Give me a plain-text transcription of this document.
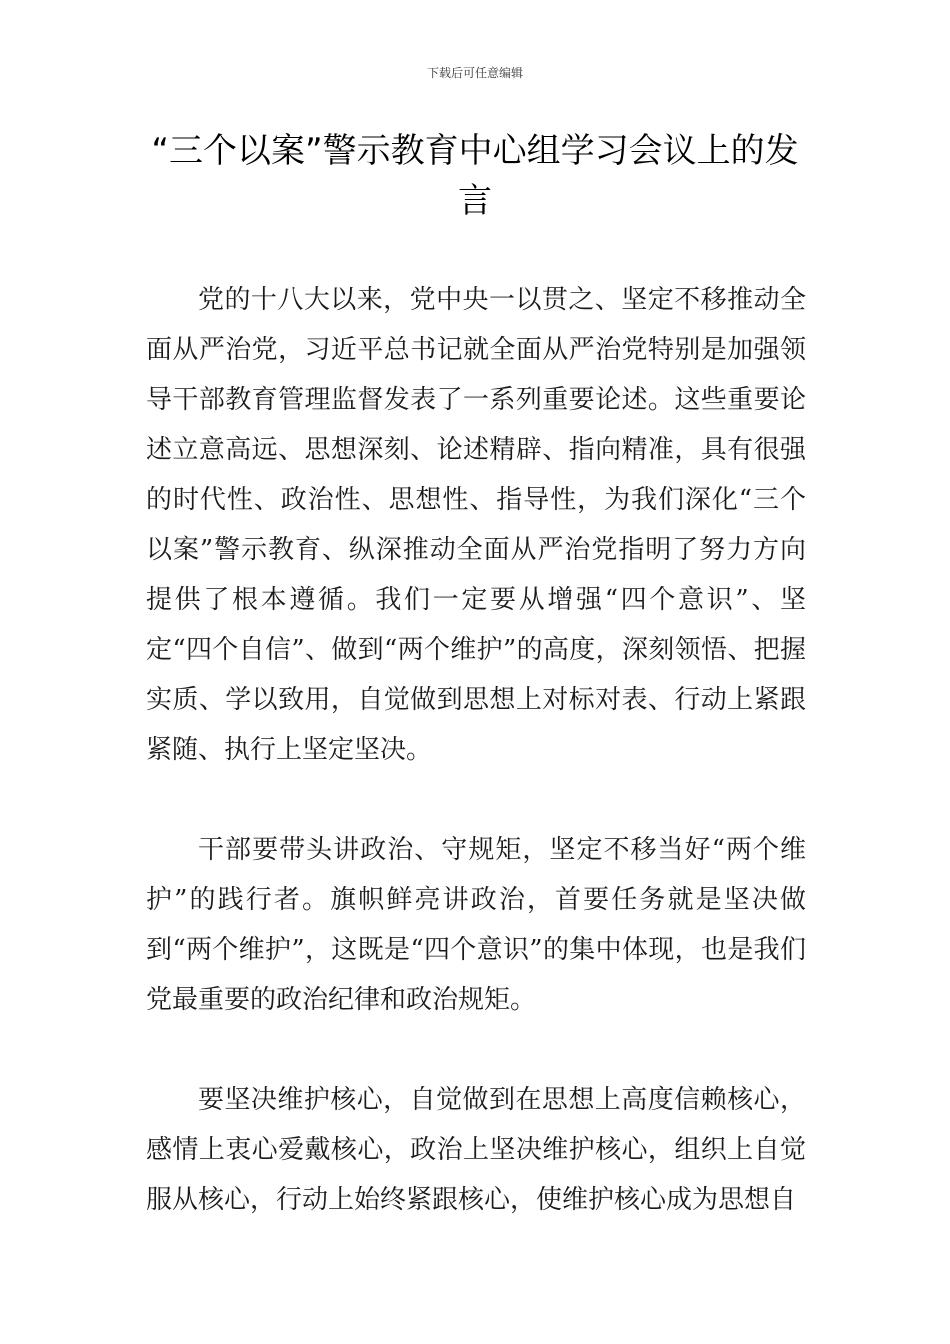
下载后可任意编辑
“三个以案”警示教育中心组学习会议上的发言

党的十八大以来，党中央一以贯之、坚定不移推动全面从严治党，习近平总书记就全面从严治党特别是加强领导干部教育管理监督发表了一系列重要论述。这些重要论述立意高远、思想深刻、论述精辟、指向精准，具有很强的时代性、政治性、思想性、指导性，为我们深化“三个以案”警示教育、纵深推动全面从严治党指明了努力方向提供了根本遵循。我们一定要从增强“四个意识”、坚定“四个自信”、做到“两个维护”的高度，深刻领悟、把握实质、学以致用，自觉做到思想上对标对表、行动上紧跟紧随、执行上坚定坚决。

干部要带头讲政治、守规矩，坚定不移当好“两个维护”的践行者。旗帜鲜亮讲政治，首要任务就是坚决做到“两个维护”，这既是“四个意识”的集中体现，也是我们党最重要的政治纪律和政治规矩。

要坚决维护核心，自觉做到在思想上高度信赖核心，感情上衷心爱戴核心，政治上坚决维护核心，组织上自觉服从核心，行动上始终紧跟核心，使维护核心成为思想自
